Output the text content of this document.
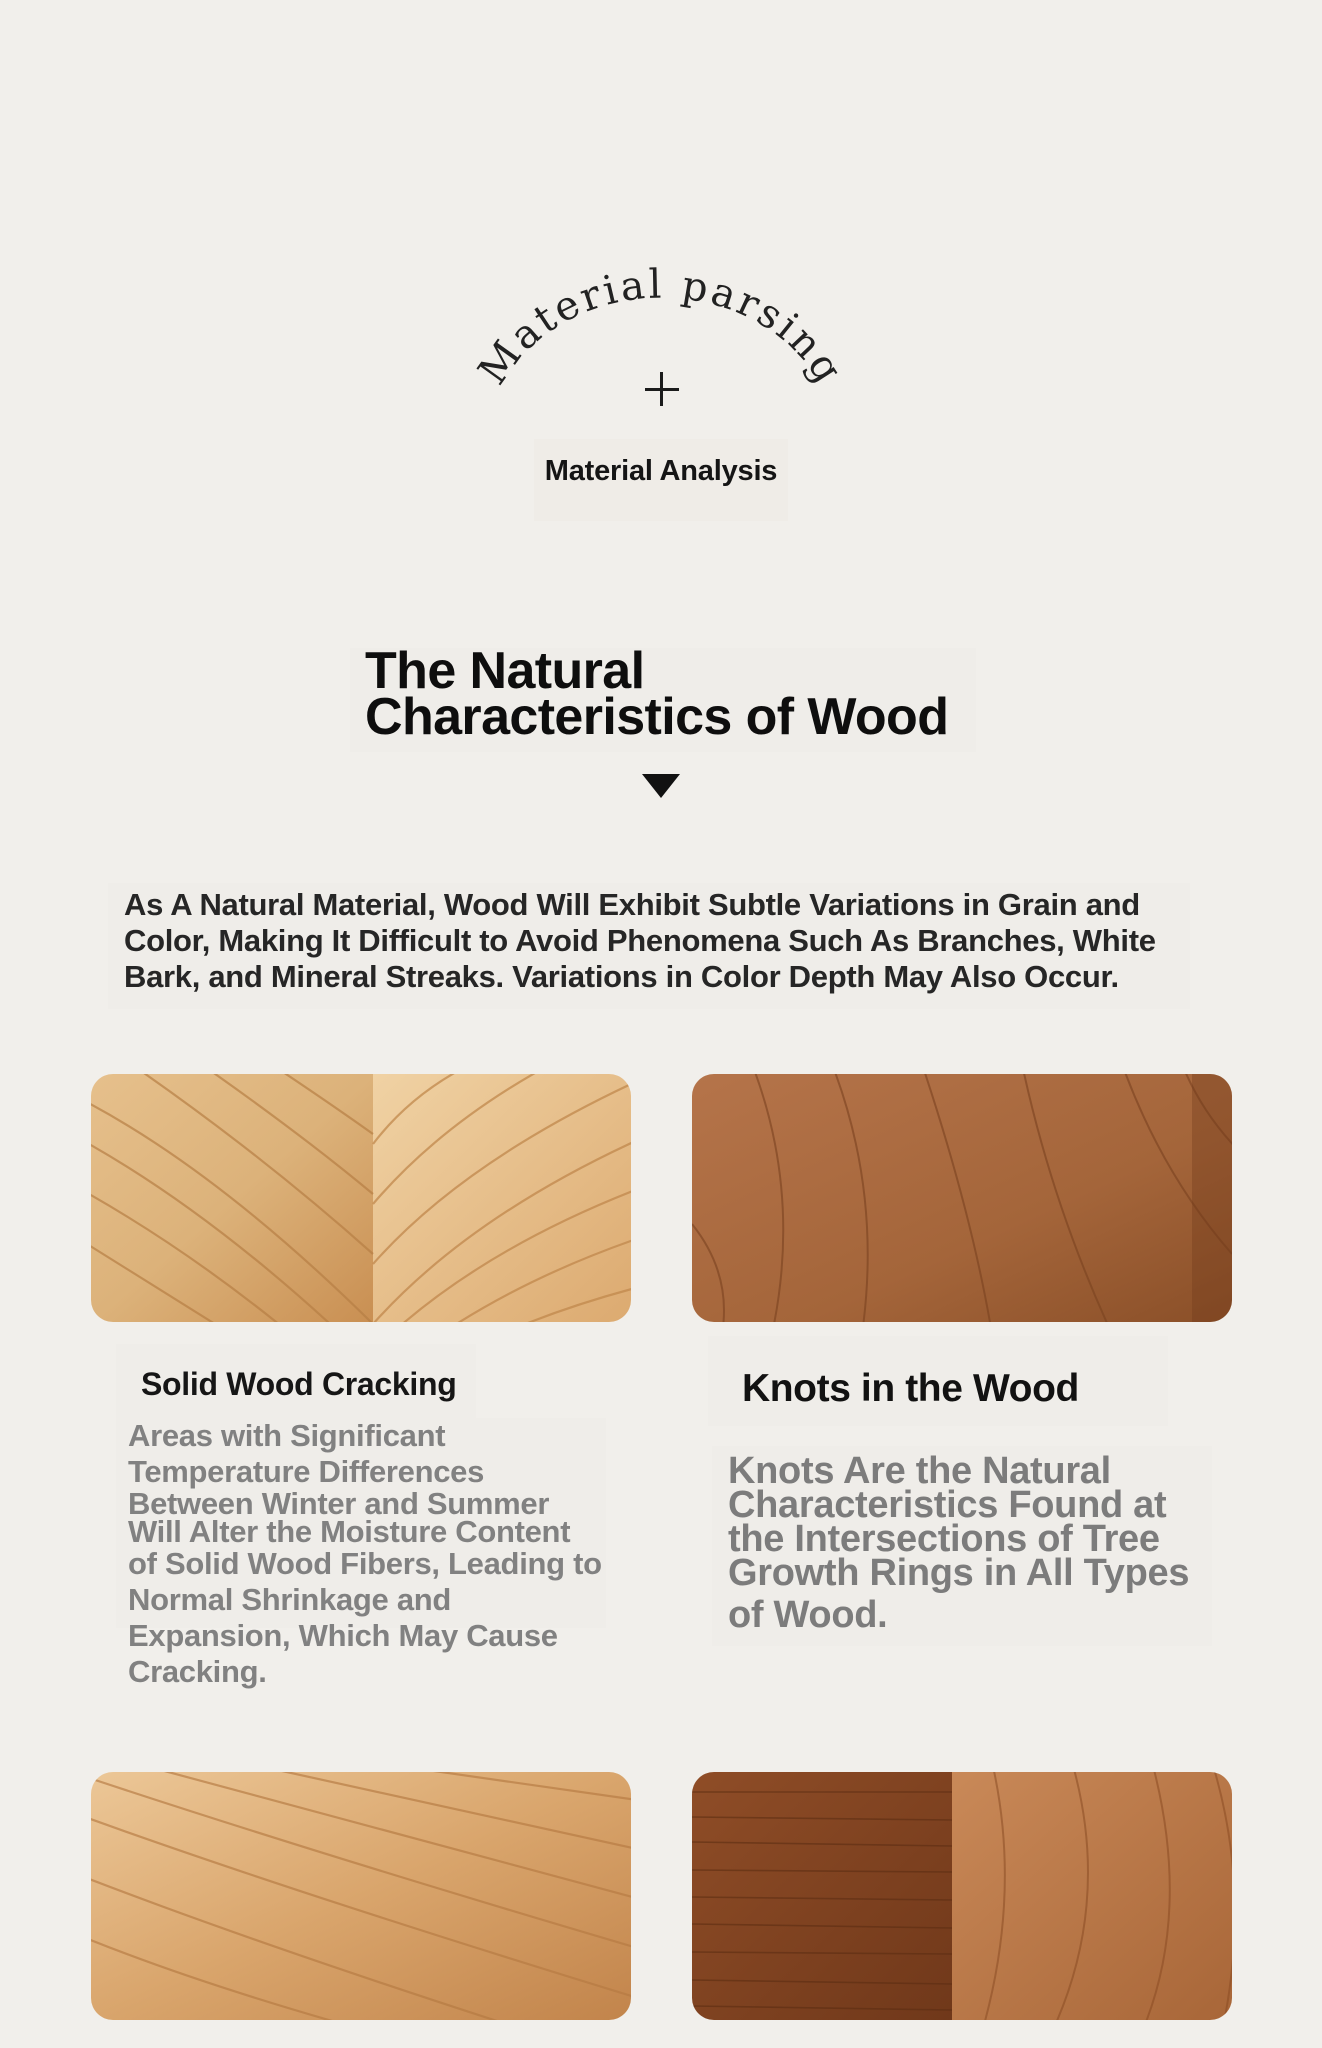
Material parsing
Material Analysis
The Natural
Characteristics of Wood
As A Natural Material, Wood Will Exhibit Subtle Variations in Grain and
Color, Making It Difficult to Avoid Phenomena Such As Branches, White
Bark, and Mineral Streaks. Variations in Color Depth May Also Occur.
Solid Wood Cracking
Areas with Significant
Temperature Differences
Between Winter and Summer
Will Alter the Moisture Content
of Solid Wood Fibers, Leading to
Normal Shrinkage and
Expansion, Which May Cause
Cracking.
Knots in the Wood
Knots Are the Natural
Characteristics Found at
the Intersections of Tree
Growth Rings in All Types
of Wood.
